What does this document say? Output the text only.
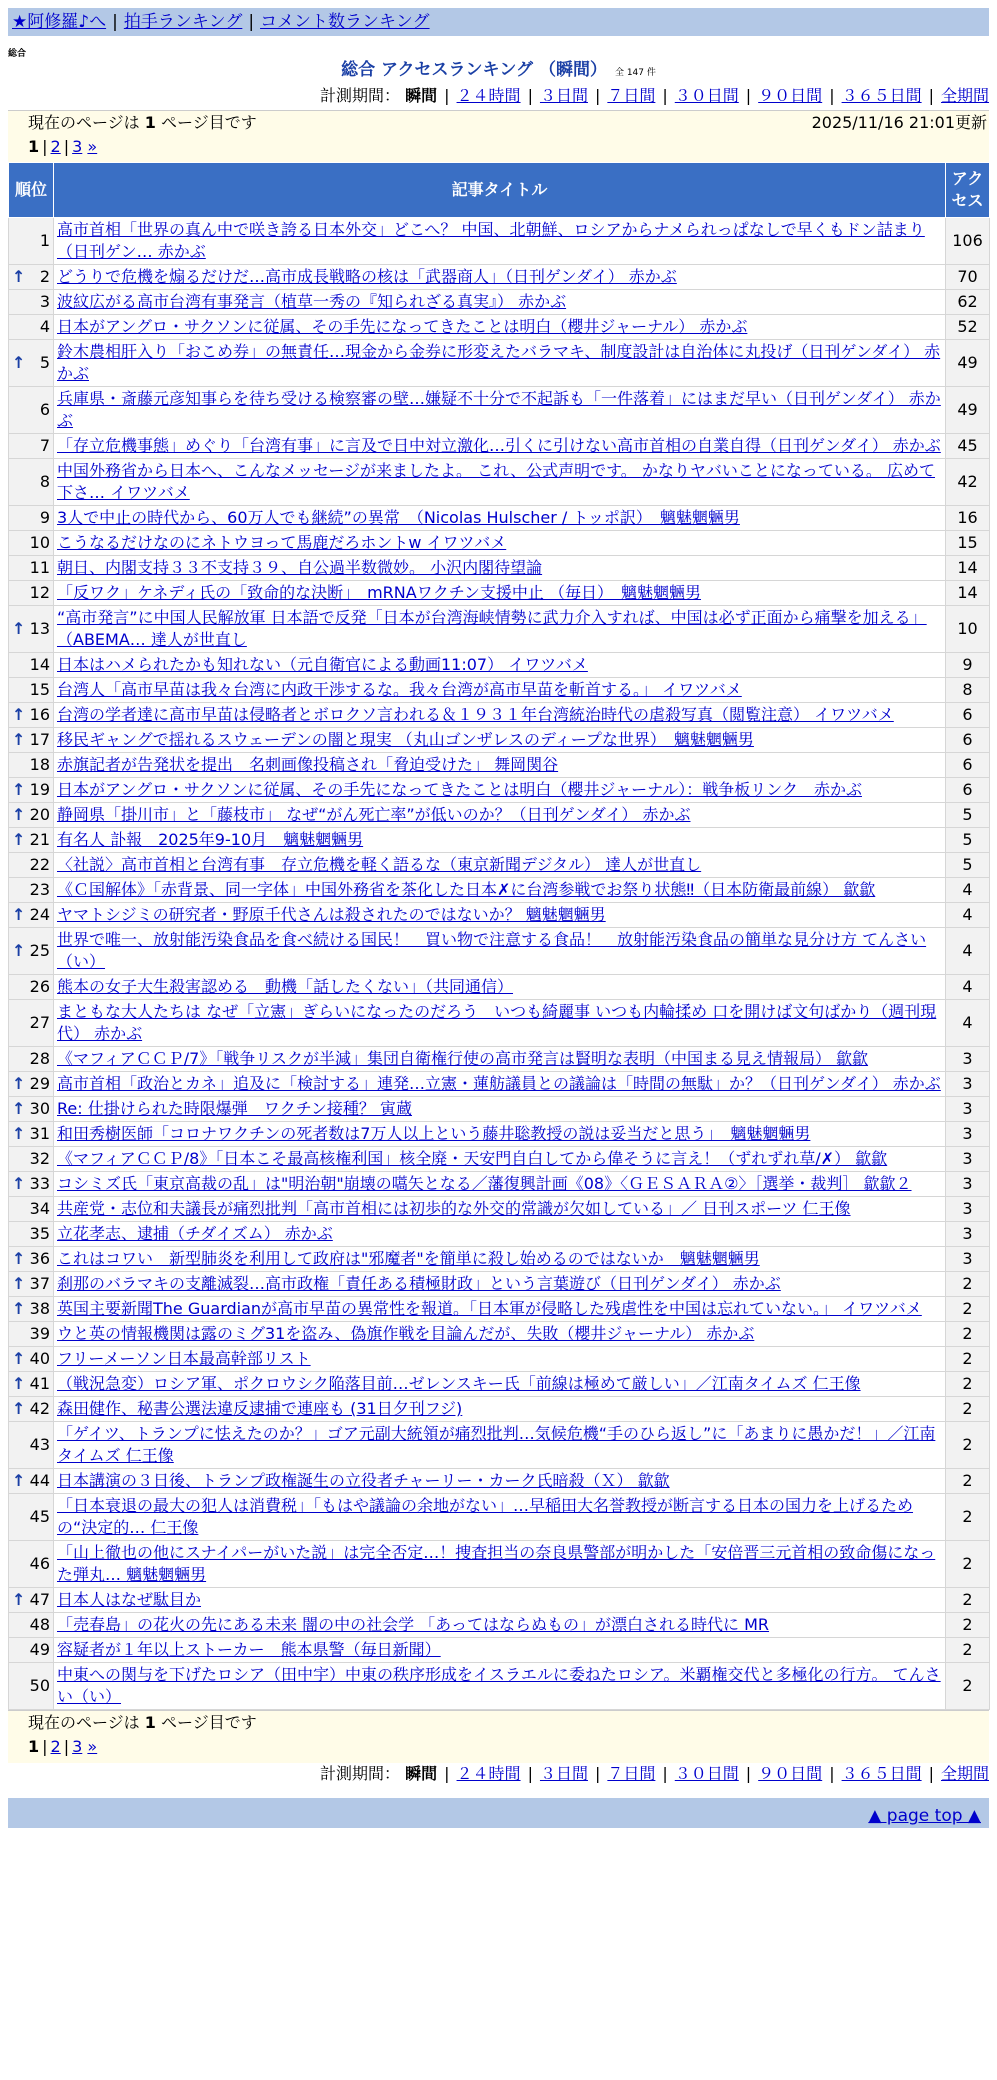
★阿修羅♪へ | 拍手ランキング | コメント数ランキング
総合
総合 アクセスランキング （瞬間） 全 147 件
計測期間： 瞬間 | ２４時間 | ３日間 | ７日間 | ３０日間 | ９０日間 | ３６５日間 | 全期間
現在のページは 1 ページ目です	2025/11/16 21:01更新
1 | 2 | 3 »
順位	記事タイトル	アクセス
1	高市首相「世界の真ん中で咲き誇る日本外交」どこへ？ 中国、北朝鮮、ロシアからナメられっぱなしで早くもドン詰まり（日刊ゲン… 赤かぶ	106

↑ 2	どうりで危機を煽るだけだ…高市成長戦略の核は「武器商人」（日刊ゲンダイ） 赤かぶ	70
3	波紋広がる高市台湾有事発言（植草一秀の『知られざる真実』） 赤かぶ	62
4	日本がアングロ・サクソンに従属、その手先になってきたことは明白（櫻井ジャーナル） 赤かぶ	52

↑ 5	鈴木農相肝入り「おこめ券」の無責任…現金から金券に形変えたバラマキ、制度設計は自治体に丸投げ（日刊ゲンダイ） 赤かぶ	49
6	兵庫県・斎藤元彦知事らを待ち受ける検察審の壁…嫌疑不十分で不起訴も「一件落着」にはまだ早い（日刊ゲンダイ） 赤かぶ	49
7	「存立危機事態」めぐり「台湾有事」に言及で日中対立激化…引くに引けない高市首相の自業自得（日刊ゲンダイ） 赤かぶ	45
8	中国外務省から日本へ、こんなメッセージが来ましたよ。 これ、公式声明です。 かなりヤバいことになっている。 広めて下さ… イワツバメ	42
9	3人で中止の時代から、60万人でも継続”の異常　（Nicolas Hulscher / トッポ訳）　魑魅魍魎男	16
10	こうなるだけなのにネトウヨって馬鹿だろホントw イワツバメ	15
11	朝日、内閣支持３３不支持３９、自公過半数微妙。 小沢内閣待望論	14
12	「反ワク」ケネディ氏の「致命的な決断」　mRNAワクチン支援中止 （毎日）　魑魅魍魎男	14

↑ 13	“高市発言”に中国人民解放軍 日本語で反発「日本が台湾海峡情勢に武力介入すれば、中国は必ず正面から痛撃を加える」（ABEMA… 達人が世直し	10
14	日本はハメられたかも知れない（元自衛官による動画11:07） イワツバメ	9
15	台湾人「高市早苗は我々台湾に内政干渉するな。我々台湾が高市早苗を斬首する。」 イワツバメ	8

↑ 16	台湾の学者達に高市早苗は侵略者とボロクソ言われる＆１９３１年台湾統治時代の虐殺写真（閲覧注意） イワツバメ	6

↑ 17	移民ギャングで揺れるスウェーデンの闇と現実 （丸山ゴンザレスのディープな世界）　魑魅魍魎男	6
18	赤旗記者が告発状を提出　名刺画像投稿され「脅迫受けた」 舞岡関谷	6

↑ 19	日本がアングロ・サクソンに従属、その手先になってきたことは明白（櫻井ジャーナル）：戦争板リンク　赤かぶ	6

↑ 20	静岡県「掛川市」と「藤枝市」 なぜ“がん死亡率”が低いのか？（日刊ゲンダイ） 赤かぶ	5

↑ 21	有名人 訃報　2025年9-10月　魑魅魍魎男	5
22	〈社説〉高市首相と台湾有事　存立危機を軽く語るな（東京新聞デジタル） 達人が世直し	5
23	《Ｃ国解体》「赤背景、同一字体」中国外務省を茶化した日本✗に台湾参戦でお祭り状態‼（日本防衛最前線） 歙歙	4

↑ 24	ヤマトシジミの研究者・野原千代さんは殺されたのではないか？ 魑魅魍魎男	4

↑ 25	世界で唯一、放射能汚染食品を食べ続ける国民！　買い物で注意する食品！　放射能汚染食品の簡単な見分け方 てんさい（い）	4
26	熊本の女子大生殺害認める　動機「話したくない」（共同通信）	4
27	まともな大人たちは なぜ「立憲」ぎらいになったのだろう　いつも綺麗事 いつも内輪揉め 口を開けば文句ばかり（週刊現代） 赤かぶ	4
28	《マフィアＣＣＰ/7》「戦争リスクが半減」集団自衛権行使の高市発言は賢明な表明（中国まる見え情報局） 歙歙	3

↑ 29	高市首相「政治とカネ」追及に「検討する」連発…立憲・蓮舫議員との議論は「時間の無駄」か？（日刊ゲンダイ） 赤かぶ	3

↑ 30	Re: 仕掛けられた時限爆弾　ワクチン接種？ 寅蔵	3

↑ 31	和田秀樹医師「コロナワクチンの死者数は7万人以上という藤井聡教授の説は妥当だと思う」　魑魅魍魎男	3
32	《マフィアＣＣＰ/8》「日本こそ最高核権利国」核全廃・天安門自白してから偉そうに言え！（ずれずれ草/✗） 歙歙	3

↑ 33	コシミズ氏「東京高裁の乱」は"明治朝"崩壊の嚆矢となる／藩復興計画《08》〈ＧＥＳＡＲＡ②〉［選挙・裁判］ 歙歙２	3
34	共産党・志位和夫議長が痛烈批判「高市首相には初歩的な外交的常識が欠如している」／ 日刊スポーツ 仁王像	3
35	立花孝志、逮捕（チダイズム） 赤かぶ	3

↑ 36	これはコワい　新型肺炎を利用して政府は"邪魔者"を簡単に殺し始めるのではないか　魑魅魍魎男	3

↑ 37	刹那のバラマキの支離滅裂…高市政権「責任ある積極財政」という言葉遊び（日刊ゲンダイ） 赤かぶ	2

↑ 38	英国主要新聞The Guardianが高市早苗の異常性を報道。「日本軍が侵略した残虐性を中国は忘れていない。」 イワツバメ	2
39	ウと英の情報機関は露のミグ31を盗み、偽旗作戦を目論んだが、失敗（櫻井ジャーナル） 赤かぶ	2

↑ 40	フリーメーソン日本最高幹部リスト	2

↑ 41	（戦況急変）ロシア軍、ポクロウシク陥落目前…ゼレンスキー氏「前線は極めて厳しい」／江南タイムズ 仁王像	2

↑ 42	森田健作、秘書公選法違反逮捕で連座も (31日夕刊フジ)	2
43	「ゲイツ、トランプに怯えたのか？」ゴア元副大統領が痛烈批判…気候危機“手のひら返し”に「あまりに愚かだ！」／江南タイムズ 仁王像	2

↑ 44	日本講演の３日後、トランプ政権誕生の立役者チャーリー・カーク氏暗殺（Ｘ） 歙歙	2
45	「日本衰退の最大の犯人は消費税」「もはや議論の余地がない」…早稲田大名誉教授が断言する日本の国力を上げるための“決定的… 仁王像	2
46	「山上徹也の他にスナイパーがいた説」は完全否定…！捜査担当の奈良県警部が明かした「安倍晋三元首相の致命傷になった弾丸… 魑魅魍魎男	2

↑ 47	日本人はなぜ駄目か	2
48	「売春島」の花火の先にある未来 闇の中の社会学 「あってはならぬもの」が漂白される時代に MR	2
49	容疑者が１年以上ストーカー　熊本県警（毎日新聞）	2
50	中東への関与を下げたロシア（田中宇）中東の秩序形成をイスラエルに委ねたロシア。米覇権交代と多極化の行方。 てんさい（い）	2
現在のページは 1 ページ目です
1 | 2 | 3 »
計測期間： 瞬間 | ２４時間 | ３日間 | ７日間 | ３０日間 | ９０日間 | ３６５日間 | 全期間
▲ page top ▲
